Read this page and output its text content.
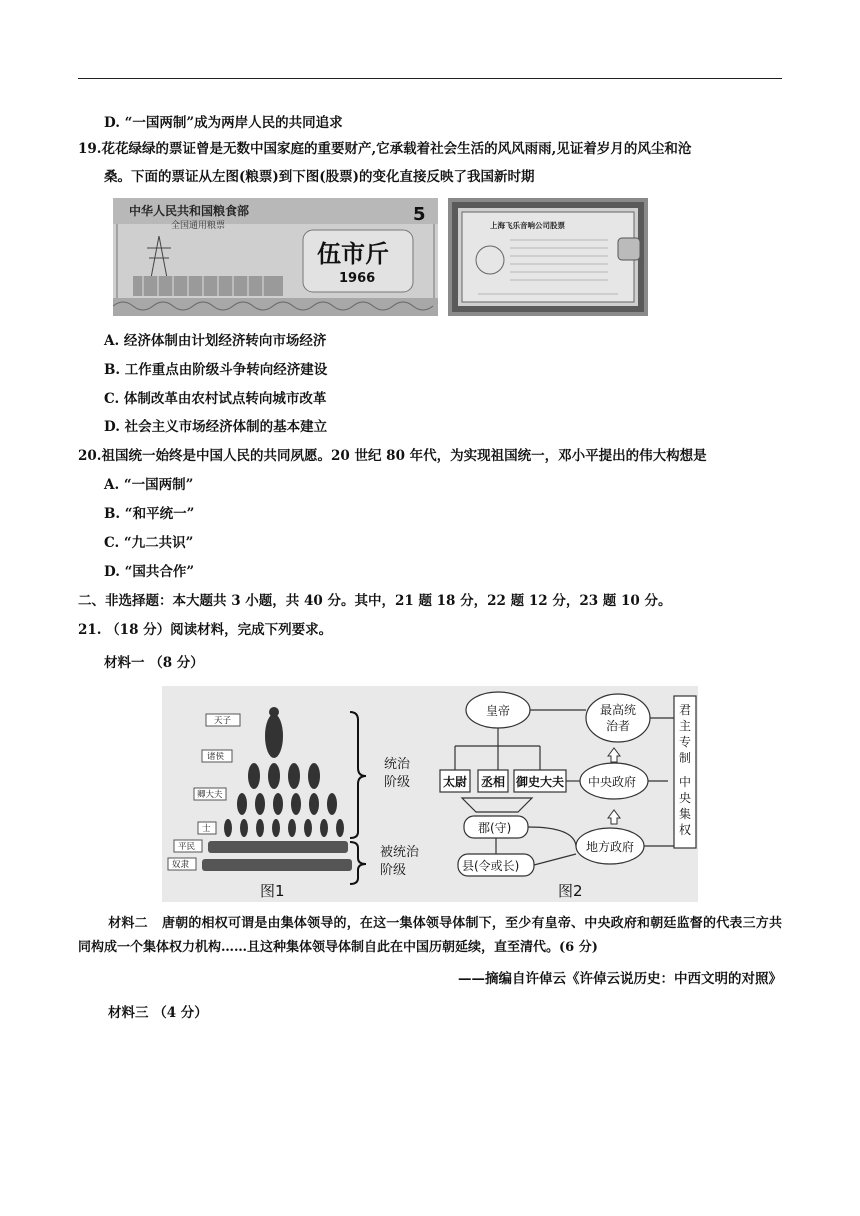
D. “一国两制”成为两岸人民的共同追求
19.花花绿绿的票证曾是无数中国家庭的重要财产,它承载着社会生活的风风雨雨,见证着岁月的风尘和沧
桑。下面的票证从左图(粮票)到下图(股票)的变化直接反映了我国新时期
中华人民共和国粮食部
全国通用粮票
5
伍市斤
1966
上海飞乐音响公司股票
A. 经济体制由计划经济转向市场经济
B. 工作重点由阶级斗争转向经济建设
C. 体制改革由农村试点转向城市改革
D. 社会主义市场经济体制的基本建立
20.祖国统一始终是中国人民的共同夙愿。20 世纪 80 年代，为实现祖国统一，邓小平提出的伟大构想是
A. “一国两制”
B. “和平统一”
C. “九二共识”
D. “国共合作”
二、非选择题：本大题共 3 小题，共 40 分。其中，21 题 18 分，22 题 12 分，23 题 10 分。
21. （18 分）阅读材料，完成下列要求。
材料一 （8 分）
天子
诸侯
卿大夫
士
平民
奴隶
统治
阶级
被统治
阶级
图1
皇帝	最高统
治者
太尉 丞相 御史大夫 中央政府
郡(守)
地方政府
县(令或长)
君
主
专
制
中
央
集
权
图2
材料二 唐朝的相权可谓是由集体领导的，在这一集体领导体制下，至少有皇帝、中央政府和朝廷监督的代表三方共同构成一个集体权力机构……且这种集体领导体制自此在中国历朝延续，直至清代。(6 分)
——摘编自许倬云《许倬云说历史：中西文明的对照》
材料三 （4 分）
